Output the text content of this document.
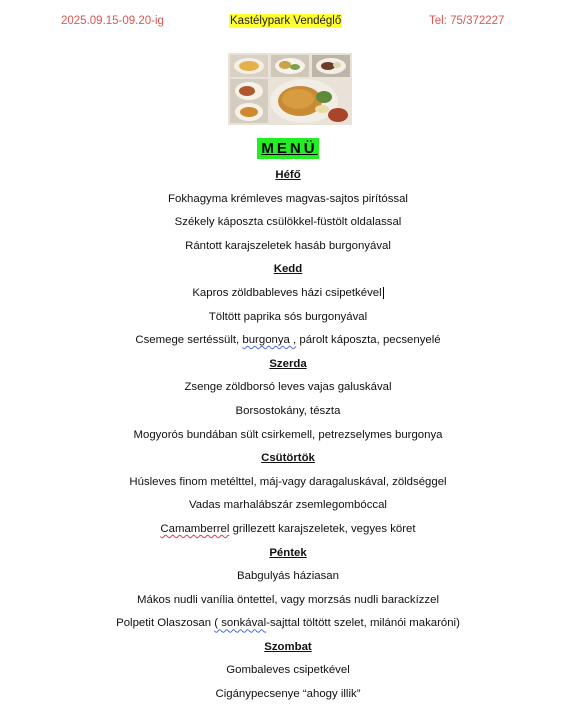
2025.09.15-09.20-ig	Kastélypark Vendéglő	Tel: 75/372227
MENÜ
Héfő
Fokhagyma krémleves magvas-sajtos pirítóssal
Székely káposzta csülökkel-füstölt oldalassal
Rántott karajszeletek hasáb burgonyával
Kedd
Kapros zöldbableves házi csipetkével
Töltött paprika sós burgonyával
Csemege sertéssült, burgonya , párolt káposzta, pecsenyelé
Szerda
Zsenge zöldborsó leves vajas galuskával
Borsostokány, tészta
Mogyorós bundában sült csirkemell, petrezselymes burgonya
Csütörtök
Húsleves finom metélttel, máj-vagy daragaluskával, zöldséggel
Vadas marhalábszár zsemlegombóccal
Camamberrel grillezett karajszeletek, vegyes köret
Péntek
Babgulyás háziasan
Mákos nudli vanília öntettel, vagy morzsás nudli barackízzel
Polpetit Olaszosan ( sonkával-sajttal töltött szelet, milánói makaróni)
Szombat
Gombaleves csipetkével
Cigánypecsenye “ahogy illik”
